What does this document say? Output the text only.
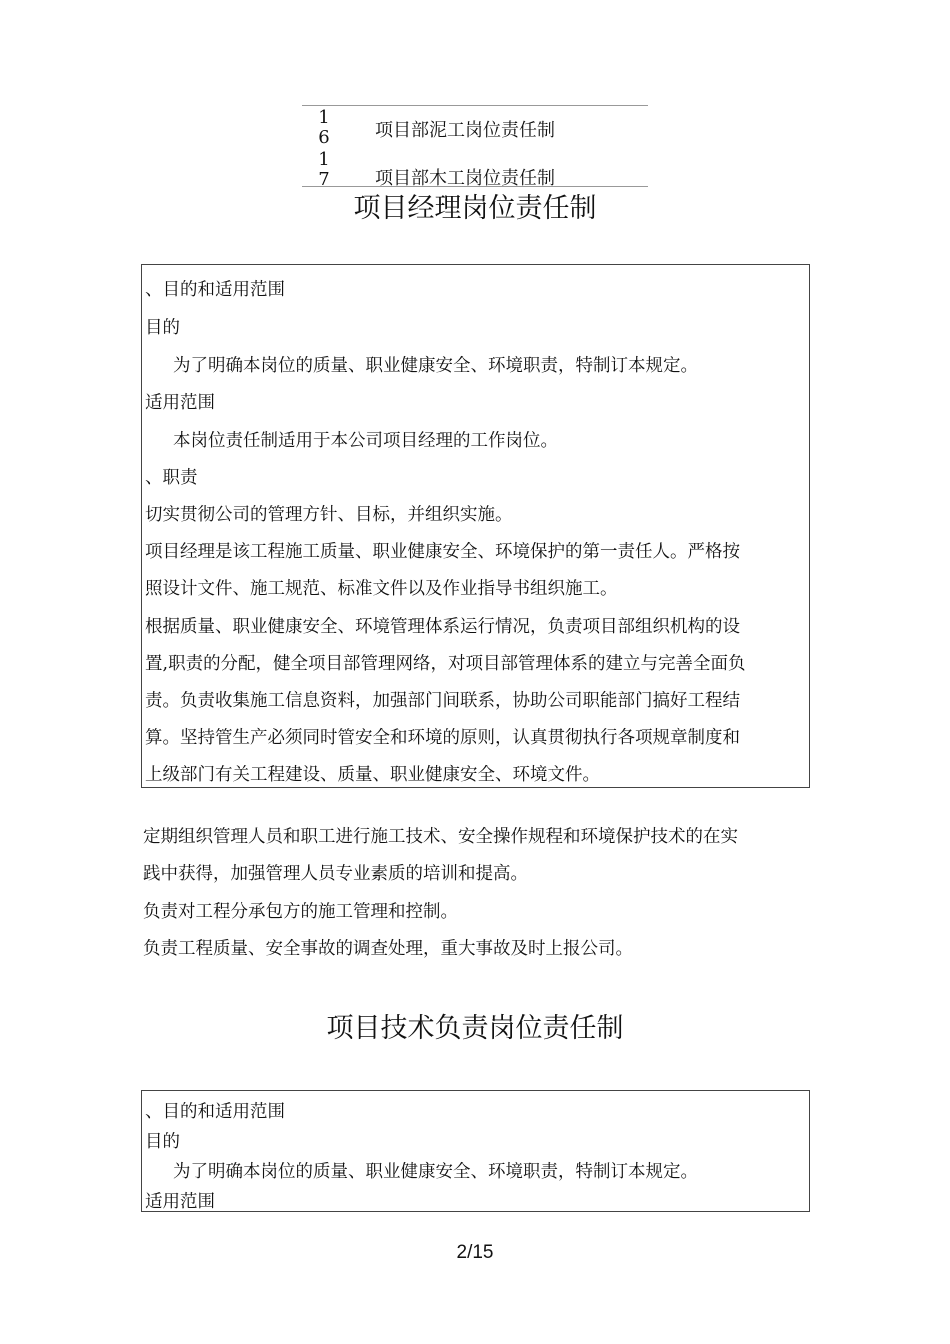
1
6	项目部泥工岗位责任制
1
7	项目部木工岗位责任制
项目经理岗位责任制
、目的和适用范围
目的
为了明确本岗位的质量、职业健康安全、环境职责，特制订本规定。
适用范围
本岗位责任制适用于本公司项目经理的工作岗位。
、职责
切实贯彻公司的管理方针、目标，并组织实施。
项目经理是该工程施工质量、职业健康安全、环境保护的第一责任人。严格按
照设计文件、施工规范、标准文件以及作业指导书组织施工。
根据质量、职业健康安全、环境管理体系运行情况，负责项目部组织机构的设
置,职责的分配，健全项目部管理网络，对项目部管理体系的建立与完善全面负
责。负责收集施工信息资料，加强部门间联系，协助公司职能部门搞好工程结
算。坚持管生产必须同时管安全和环境的原则，认真贯彻执行各项规章制度和
上级部门有关工程建设、质量、职业健康安全、环境文件。
定期组织管理人员和职工进行施工技术、安全操作规程和环境保护技术的在实
践中获得，加强管理人员专业素质的培训和提高。
负责对工程分承包方的施工管理和控制。
负责工程质量、安全事故的调查处理，重大事故及时上报公司。
项目技术负责岗位责任制
、目的和适用范围
目的
为了明确本岗位的质量、职业健康安全、环境职责，特制订本规定。
适用范围
2/15
